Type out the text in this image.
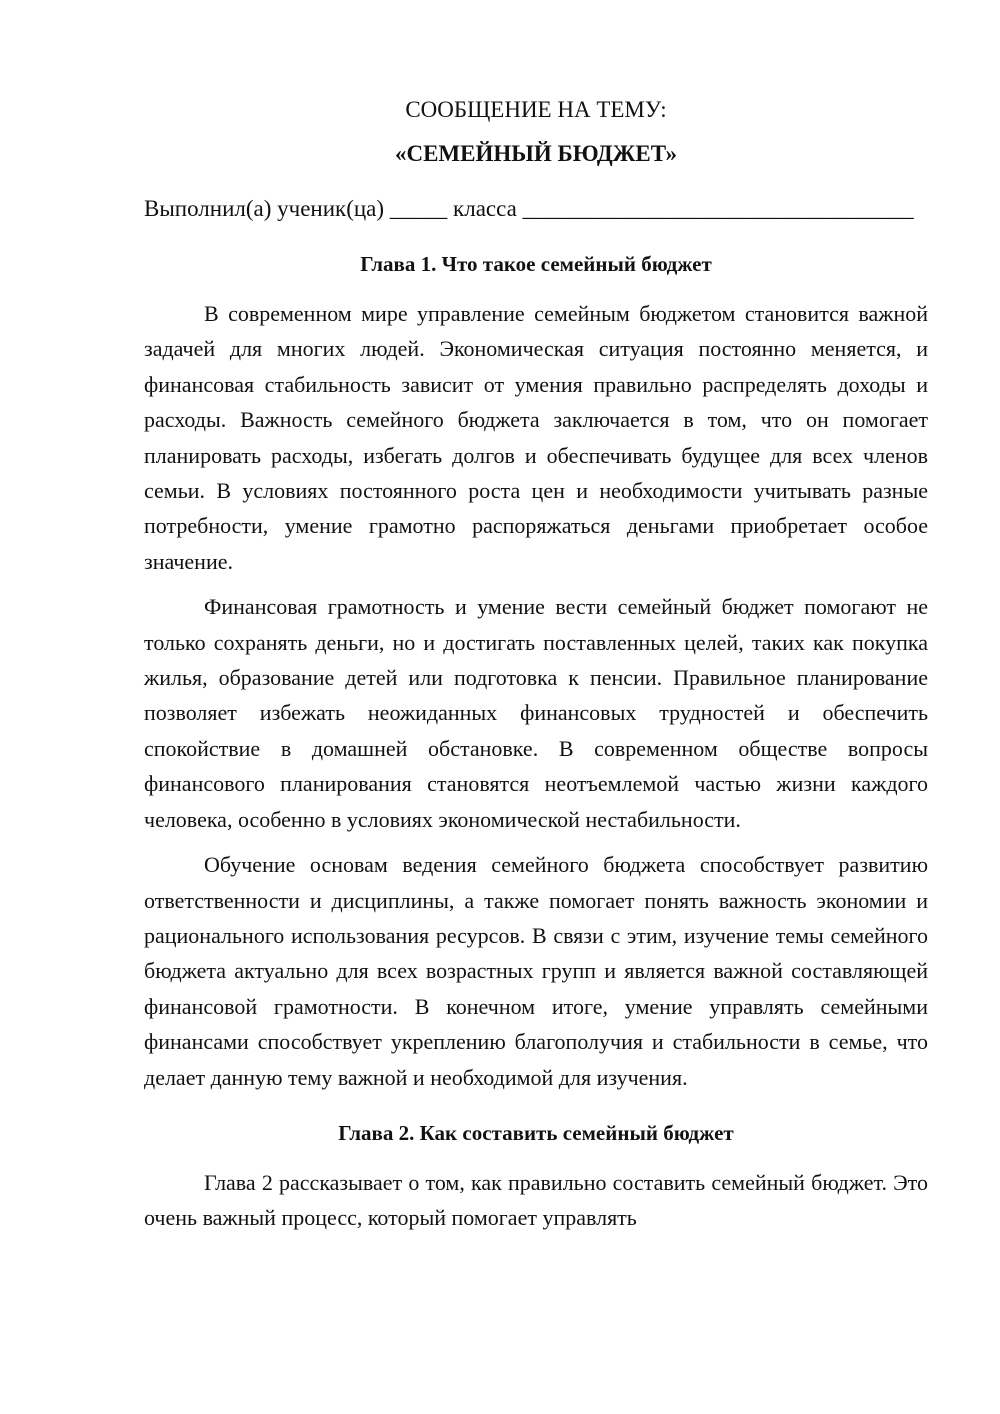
СООБЩЕНИЕ НА ТЕМУ:

«СЕМЕЙНЫЙ БЮДЖЕТ»

Выполнил(а) ученик(ца) _____ класса __________________________________
Глава 1. Что такое семейный бюджет

В современном мире управление семейным бюджетом становится важной задачей для многих людей. Экономическая ситуация постоянно меняется, и финансовая стабильность зависит от умения правильно распределять доходы и расходы. Важность семейного бюджета заключается в том, что он помогает планировать расходы, избегать долгов и обеспечивать будущее для всех членов семьи. В условиях постоянного роста цен и необходимости учитывать разные потребности, умение грамотно распоряжаться деньгами приобретает особое значение.

Финансовая грамотность и умение вести семейный бюджет помогают не только сохранять деньги, но и достигать поставленных целей, таких как покупка жилья, образование детей или подготовка к пенсии. Правильное планирование позволяет избежать неожиданных финансовых трудностей и обеспечить спокойствие в домашней обстановке. В современном обществе вопросы финансового планирования становятся неотъемлемой частью жизни каждого человека, особенно в условиях экономической нестабильности.

Обучение основам ведения семейного бюджета способствует развитию ответственности и дисциплины, а также помогает понять важность экономии и рационального использования ресурсов. В связи с этим, изучение темы семейного бюджета актуально для всех возрастных групп и является важной составляющей финансовой грамотности. В конечном итоге, умение управлять семейными финансами способствует укреплению благополучия и стабильности в семье, что делает данную тему важной и необходимой для изучения.

Глава 2. Как составить семейный бюджет

Глава 2 рассказывает о том, как правильно составить семейный бюджет. Это очень важный процесс, который помогает управлять
